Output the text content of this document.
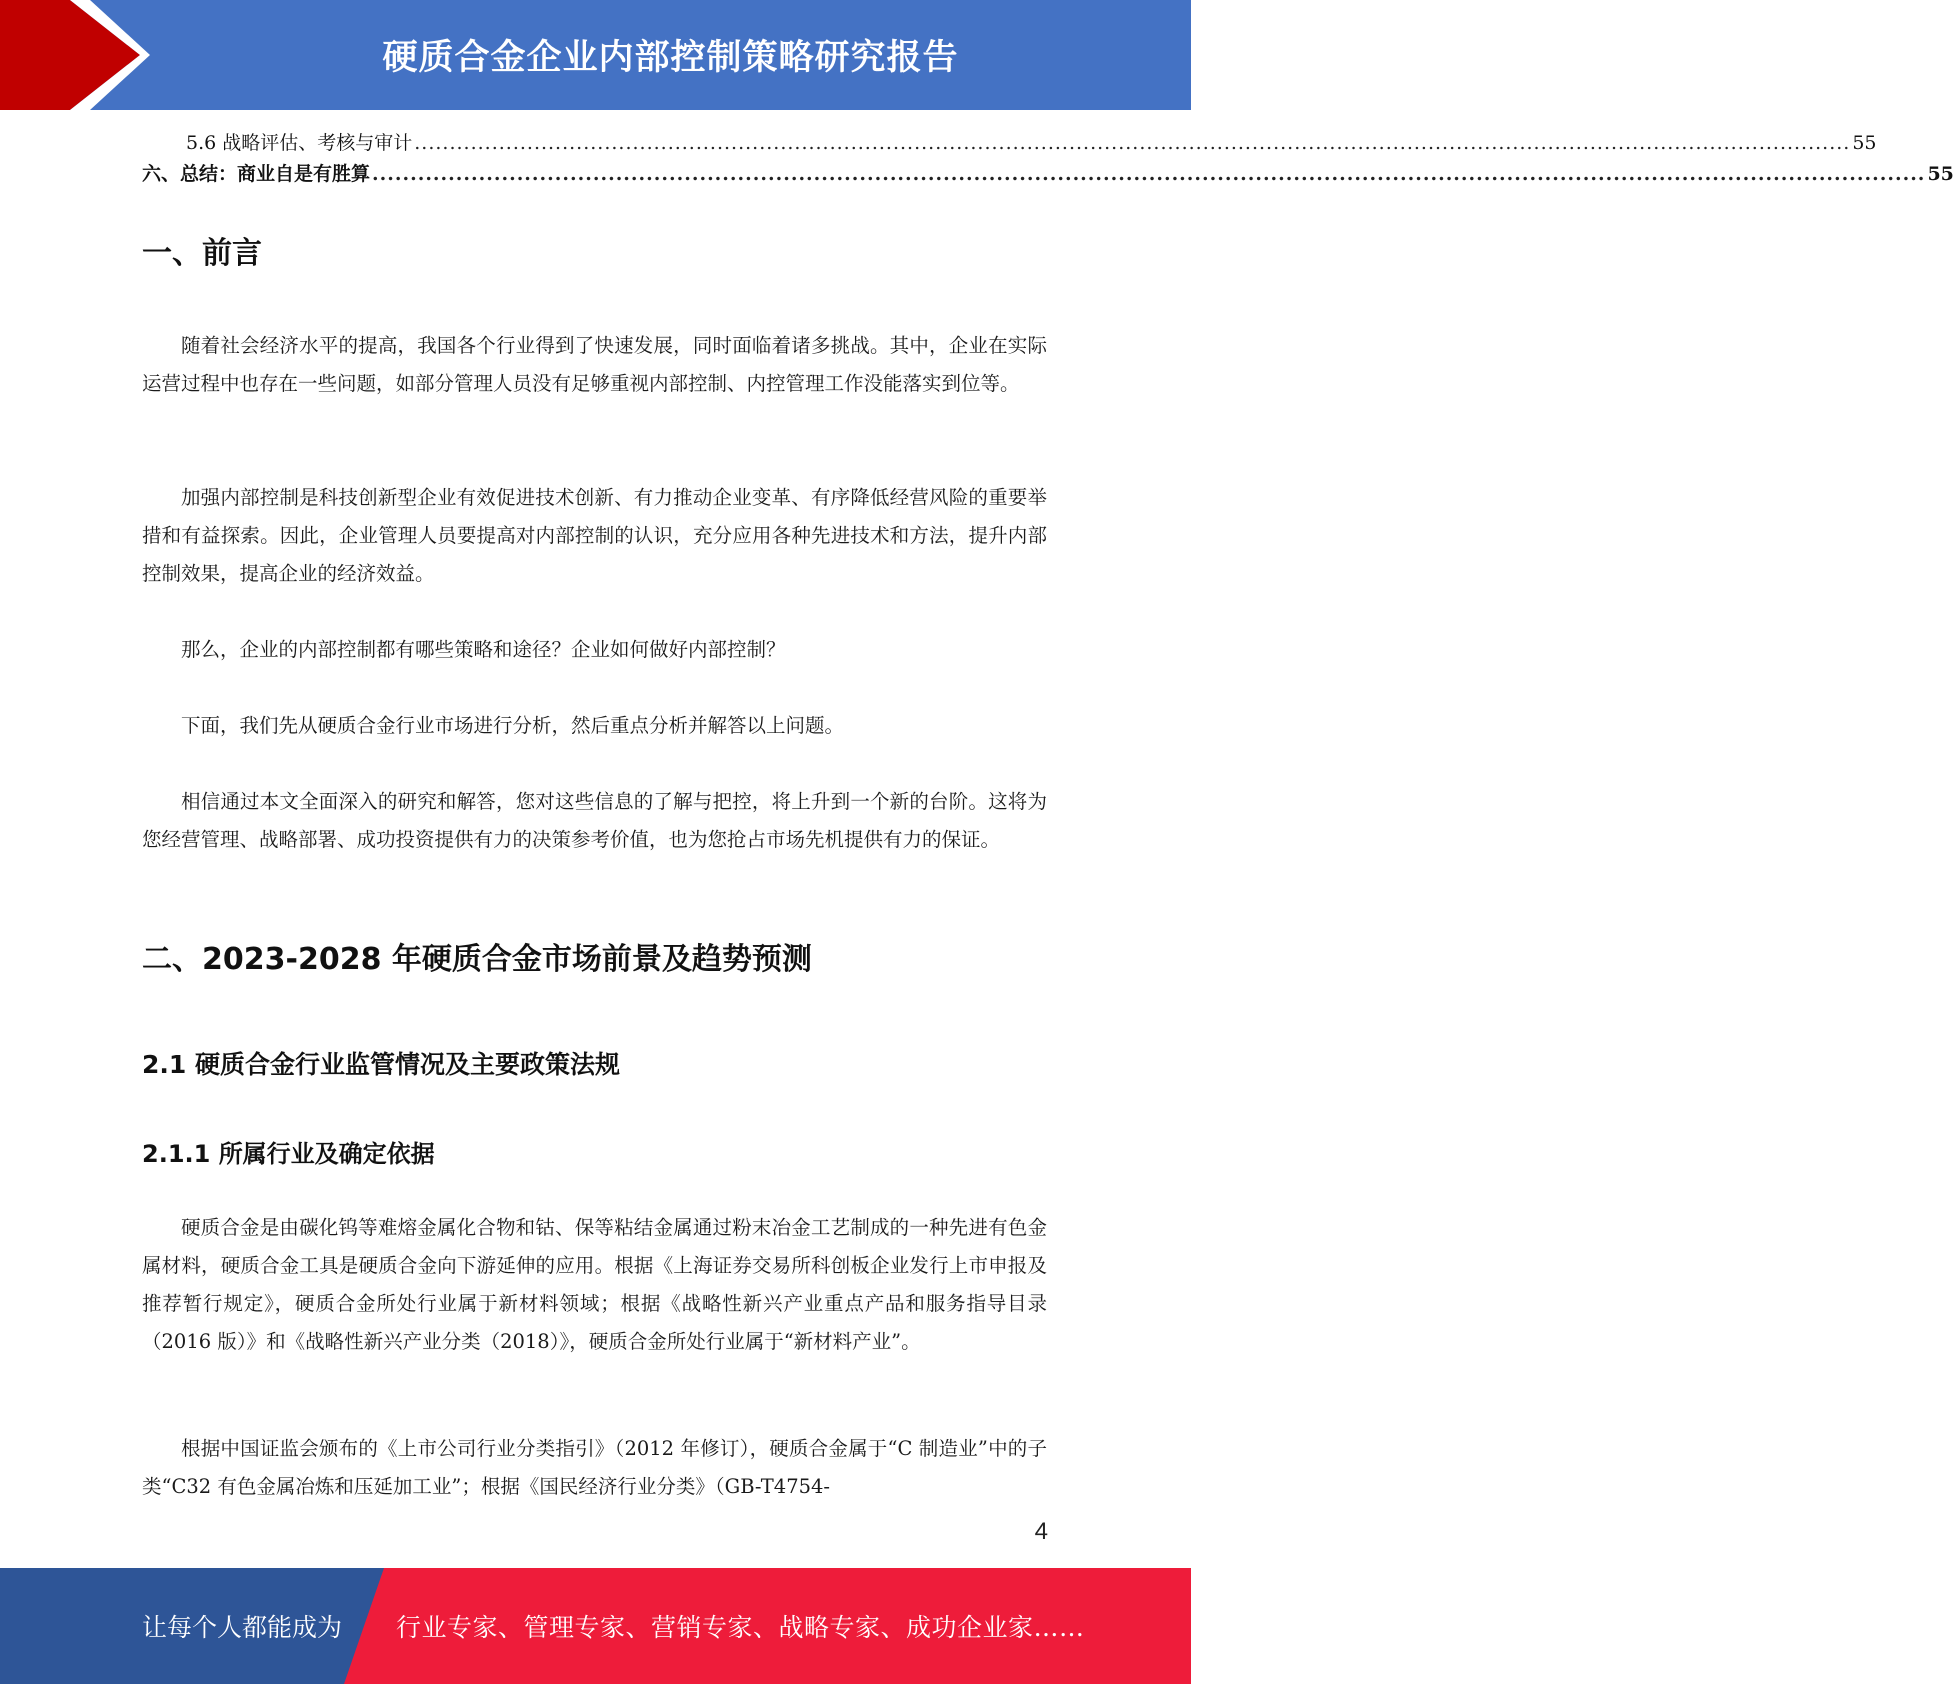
硬质合金企业内部控制策略研究报告
5.6 战略评估、考核与审计 ............................................................................................................................................................................................................ 55
六、总结：商业自是有胜算 ............................................................................................................................................................................................................ 55
一、前言

随着社会经济水平的提高，我国各个行业得到了快速发展，同时面临着诸多挑战。其中，企业在实际运营过程中也存在一些问题，如部分管理人员没有足够重视内部控制、内控管理工作没能落实到位等。

加强内部控制是科技创新型企业有效促进技术创新、有力推动企业变革、有序降低经营风险的重要举措和有益探索。因此，企业管理人员要提高对内部控制的认识，充分应用各种先进技术和方法，提升内部控制效果，提高企业的经济效益。

那么，企业的内部控制都有哪些策略和途径？企业如何做好内部控制？

下面，我们先从硬质合金行业市场进行分析，然后重点分析并解答以上问题。

相信通过本文全面深入的研究和解答，您对这些信息的了解与把控，将上升到一个新的台阶。这将为您经营管理、战略部署、成功投资提供有力的决策参考价值，也为您抢占市场先机提供有力的保证。

二、2023-2028 年硬质合金市场前景及趋势预测
2.1 硬质合金行业监管情况及主要政策法规
2.1.1 所属行业及确定依据

硬质合金是由碳化钨等难熔金属化合物和钴、保等粘结金属通过粉末冶金工艺制成的一种先进有色金属材料，硬质合金工具是硬质合金向下游延伸的应用。根据《上海证券交易所科创板企业发行上市申报及推荐暂行规定》，硬质合金所处行业属于新材料领域；根据《战略性新兴产业重点产品和服务指导目录（2016 版）》和《战略性新兴产业分类（2018）》，硬质合金所处行业属于“新材料产业”。

根据中国证监会颁布的《上市公司行业分类指引》（2012 年修订），硬质合金属于“C 制造业”中的子类“C32 有色金属冶炼和压延加工业”；根据《国民经济行业分类》（GB-T4754-

4
让每个人都能成为 行业专家、管理专家、营销专家、战略专家、成功企业家……
